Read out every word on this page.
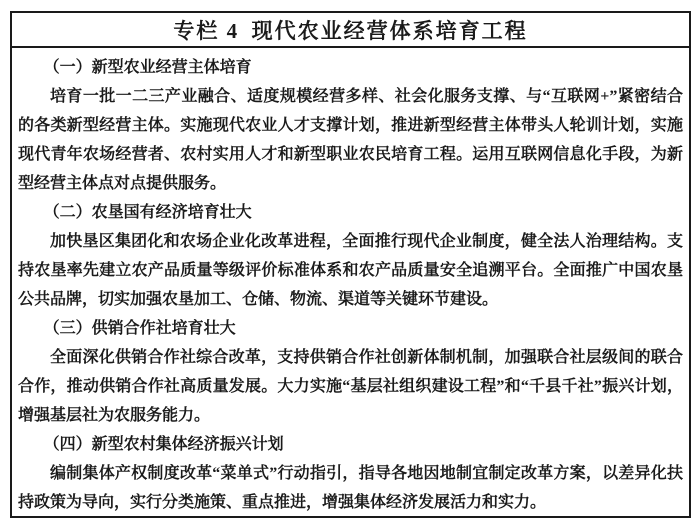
专栏 4 现代农业经营体系培育工程

（一）新型农业经营主体培育

培育一批一二三产业融合、适度规模经营多样、社会化服务支撑、与“互联网+”紧密结合的各类新型经营主体。实施现代农业人才支撑计划，推进新型经营主体带头人轮训计划，实施现代青年农场经营者、农村实用人才和新型职业农民培育工程。运用互联网信息化手段，为新型经营主体点对点提供服务。

（二）农垦国有经济培育壮大

加快垦区集团化和农场企业化改革进程，全面推行现代企业制度，健全法人治理结构。支持农垦率先建立农产品质量等级评价标准体系和农产品质量安全追溯平台。全面推广中国农垦公共品牌，切实加强农垦加工、仓储、物流、渠道等关键环节建设。

（三）供销合作社培育壮大

全面深化供销合作社综合改革，支持供销合作社创新体制机制，加强联合社层级间的联合合作，推动供销合作社高质量发展。大力实施“基层社组织建设工程”和“千县千社”振兴计划，增强基层社为农服务能力。

（四）新型农村集体经济振兴计划

编制集体产权制度改革“菜单式”行动指引，指导各地因地制宜制定改革方案，以差异化扶持政策为导向，实行分类施策、重点推进，增强集体经济发展活力和实力。
